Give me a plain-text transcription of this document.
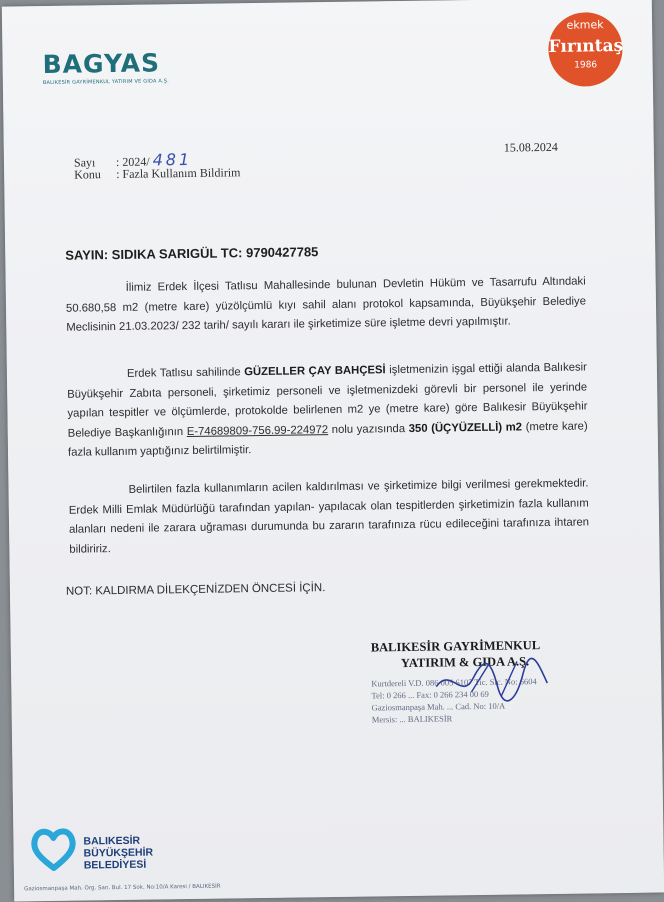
BAGYAS
BALIKESİR GAYRİMENKUL YATIRIM VE GIDA A.Ş.
ekmek
Fırıntaş
1986
Sayı : 2024/ 481
Konu : Fazla Kullanım Bildirim
15.08.2024
SAYIN: SIDIKA SARIGÜL TC: 9790427785
İlimiz Erdek İlçesi Tatlısu Mahallesinde bulunan Devletin Hüküm ve Tasarrufu Altındaki 50.680,58 m2 (metre kare) yüzölçümlü kıyı sahil alanı protokol kapsamında, Büyükşehir Belediye Meclisinin 21.03.2023/ 232 tarih/ sayılı kararı ile şirketimize süre işletme devri yapılmıştır.
Erdek Tatlısu sahilinde GÜZELLER ÇAY BAHÇESİ işletmenizin işgal ettiği alanda Balıkesir Büyükşehir Zabıta personeli, şirketimiz personeli ve işletmenizdeki görevli bir personel ile yerinde yapılan tespitler ve ölçümlerde, protokolde belirlenen m2 ye (metre kare) göre Balıkesir Büyükşehir Belediye Başkanlığının E-74689809-756.99-224972 nolu yazısında 350 (ÜÇYÜZELLİ) m2 (metre kare) fazla kullanım yaptığınız belirtilmiştir.
Belirtilen fazla kullanımların acilen kaldırılması ve şirketimize bilgi verilmesi gerekmektedir. Erdek Milli Emlak Müdürlüğü tarafından yapılan- yapılacak olan tespitlerden şirketimizin fazla kullanım alanları nedeni ile zarara uğraması durumunda bu zararın tarafınıza rücu edileceğini tarafınıza ihtaren bildiririz.
NOT: KALDIRMA DİLEKÇENİZDEN ÖNCESİ İÇİN.
BALIKESİR GAYRİMENKUL
YATIRIM & GIDA A.Ş.
Kurtdereli V.D. 086 005 6107 Tic. Sic. No: 6604
Tel: 0 266 ... Fax: 0 266 234 00 69
Gaziosmanpaşa Mah. ... Cad. No: 10/A
Mersis: ... BALIKESİR
BALIKESİR
BÜYÜKŞEHİR
BELEDİYESİ
Gaziosmanpaşa Mah. Org. San. Bul. 17 Sok. No:10/A Karesi / BALIKESİR
